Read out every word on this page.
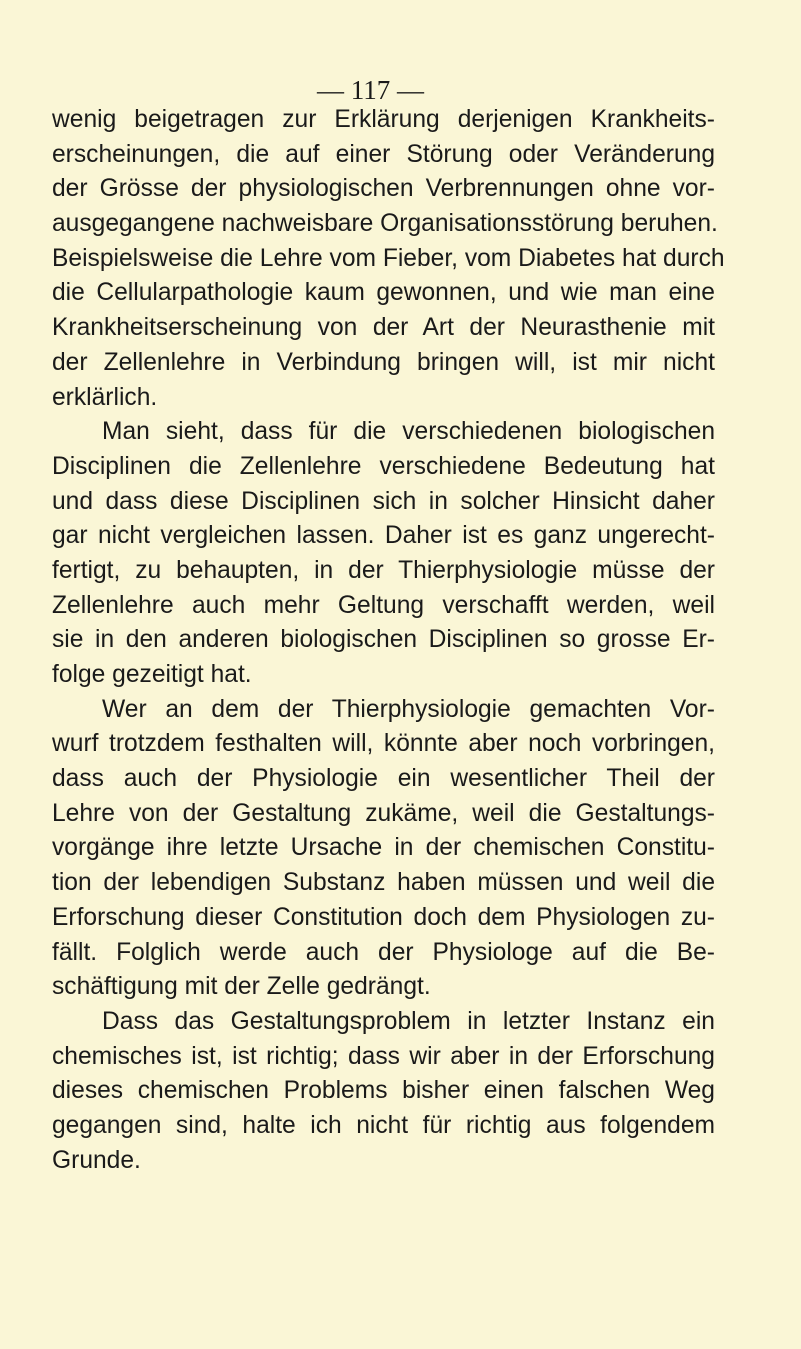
— 117 —
wenig beigetragen zur Erklärung derjenigen Krankheits-
erscheinungen, die auf einer Störung oder Veränderung
der Grösse der physiologischen Verbrennungen ohne vor-
ausgegangene nachweisbare Organisationsstörung beruhen.
Beispielsweise die Lehre vom Fieber, vom Diabetes hat durch
die Cellularpathologie kaum gewonnen, und wie man eine
Krankheitserscheinung von der Art der Neurasthenie mit
der Zellenlehre in Verbindung bringen will, ist mir nicht
erklärlich.
Man sieht, dass für die verschiedenen biologischen
Disciplinen die Zellenlehre verschiedene Bedeutung hat
und dass diese Disciplinen sich in solcher Hinsicht daher
gar nicht vergleichen lassen. Daher ist es ganz ungerecht-
fertigt, zu behaupten, in der Thierphysiologie müsse der
Zellenlehre auch mehr Geltung verschafft werden, weil
sie in den anderen biologischen Disciplinen so grosse Er-
folge gezeitigt hat.
Wer an dem der Thierphysiologie gemachten Vor-
wurf trotzdem festhalten will, könnte aber noch vorbringen,
dass auch der Physiologie ein wesentlicher Theil der
Lehre von der Gestaltung zukäme, weil die Gestaltungs-
vorgänge ihre letzte Ursache in der chemischen Constitu-
tion der lebendigen Substanz haben müssen und weil die
Erforschung dieser Constitution doch dem Physiologen zu-
fällt. Folglich werde auch der Physiologe auf die Be-
schäftigung mit der Zelle gedrängt.
Dass das Gestaltungsproblem in letzter Instanz ein
chemisches ist, ist richtig; dass wir aber in der Erforschung
dieses chemischen Problems bisher einen falschen Weg
gegangen sind, halte ich nicht für richtig aus folgendem
Grunde.
